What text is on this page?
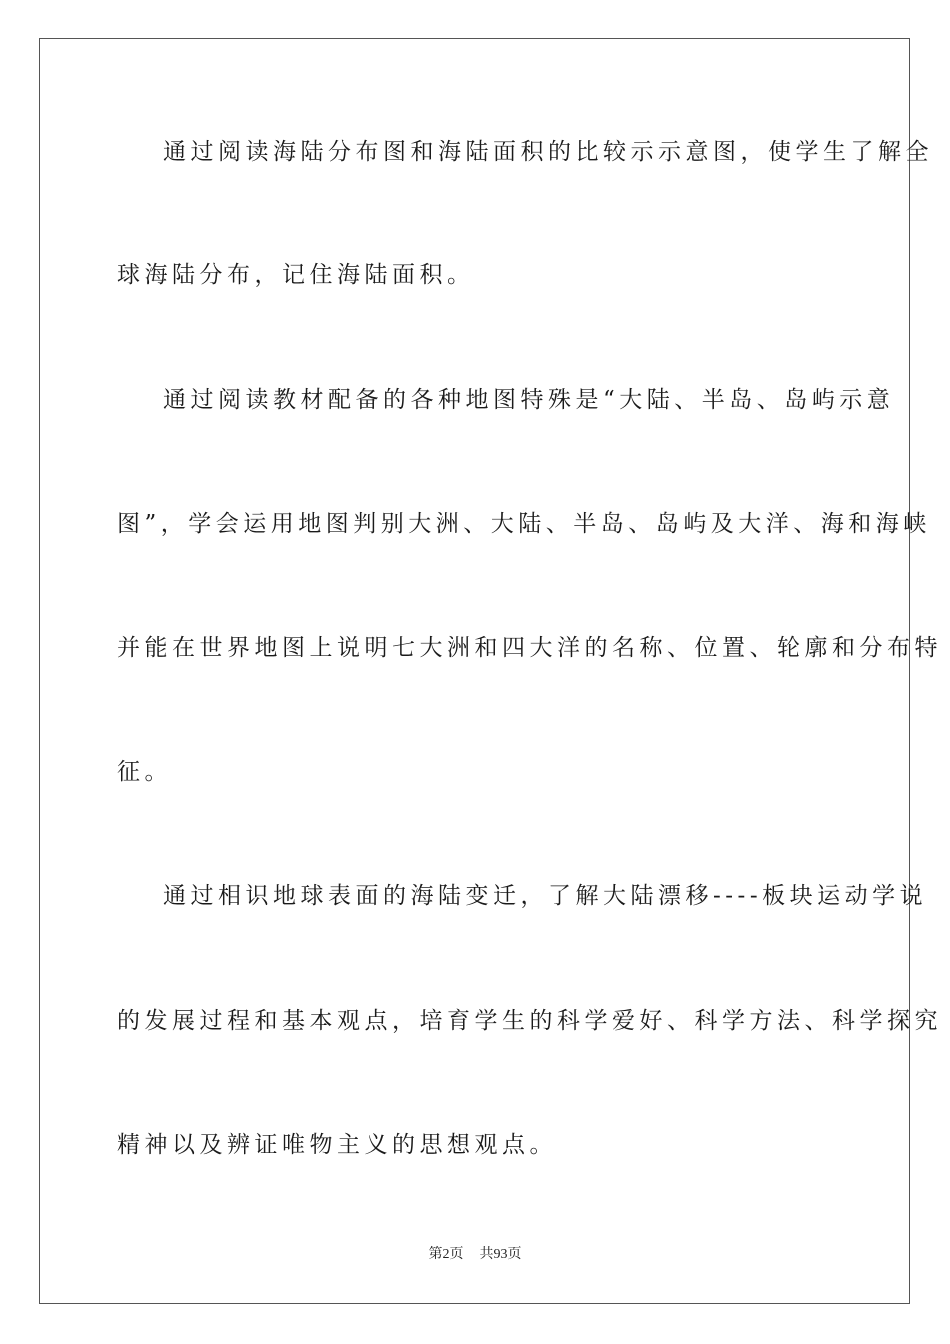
通过阅读海陆分布图和海陆面积的比较示示意图，使学生了解全
球海陆分布，记住海陆面积。
通过阅读教材配备的各种地图特殊是“大陆、半岛、岛屿示意
图”，学会运用地图判别大洲、大陆、半岛、岛屿及大洋、海和海峡
并能在世界地图上说明七大洲和四大洋的名称、位置、轮廓和分布特
征。
通过相识地球表面的海陆变迁，了解大陆漂移----板块运动学说
的发展过程和基本观点，培育学生的科学爱好、科学方法、科学探究
精神以及辨证唯物主义的思想观点。
第2页 共93页
